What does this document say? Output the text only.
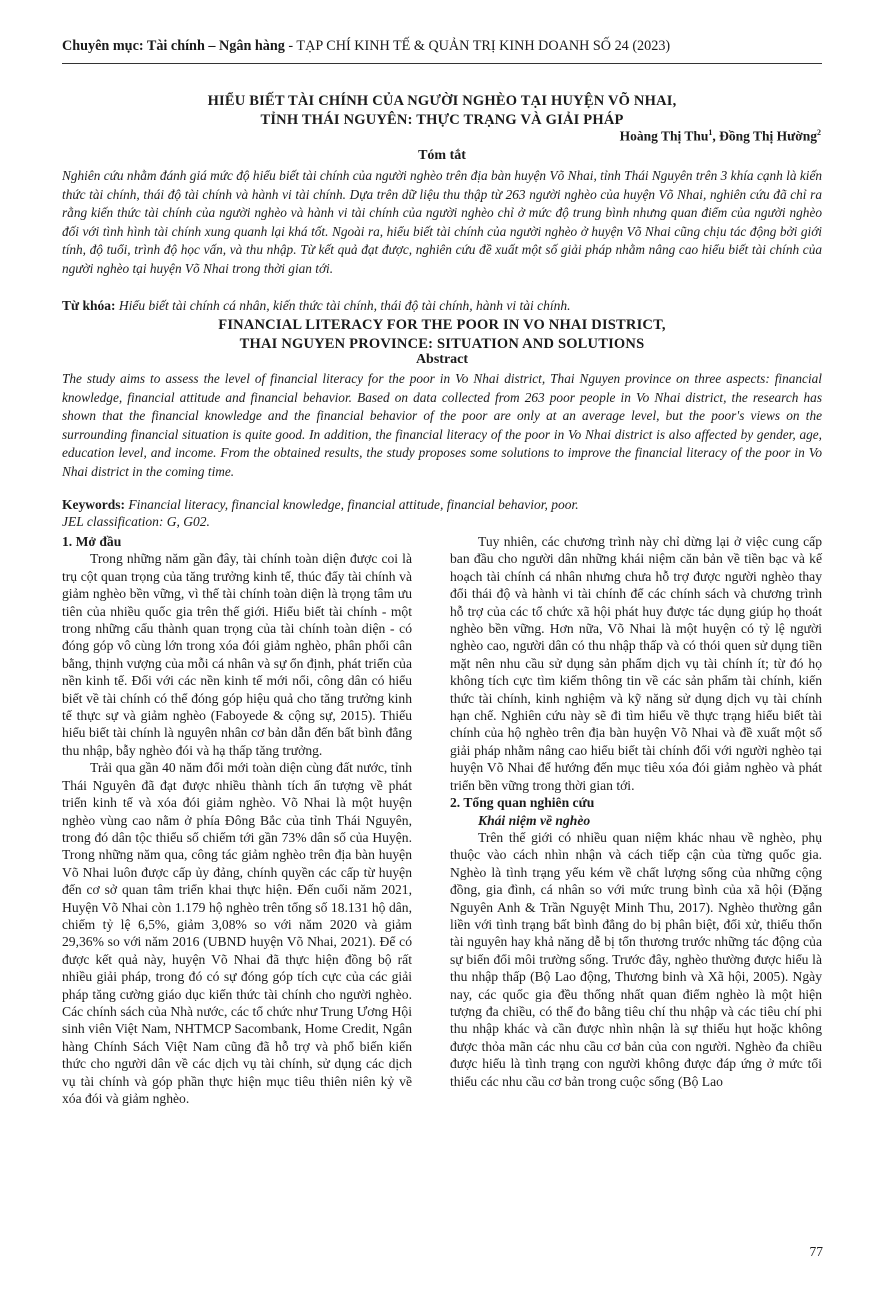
Chuyên mục: Tài chính – Ngân hàng - TẠP CHÍ KINH TẾ & QUẢN TRỊ KINH DOANH SỐ 24 (2023)
HIỂU BIẾT TÀI CHÍNH CỦA NGƯỜI NGHÈO TẠI HUYỆN VÕ NHAI,
TỈNH THÁI NGUYÊN: THỰC TRẠNG VÀ GIẢI PHÁP
Hoàng Thị Thu$^1$, Đồng Thị Hường$^2$
Tóm tắt
Nghiên cứu nhằm đánh giá mức độ hiểu biết tài chính của người nghèo trên địa bàn huyện Võ Nhai, tỉnh Thái Nguyên trên 3 khía cạnh là kiến thức tài chính, thái độ tài chính và hành vi tài chính. Dựa trên dữ liệu thu thập từ 263 người nghèo của huyện Võ Nhai, nghiên cứu đã chỉ ra rằng kiến thức tài chính của người nghèo và hành vi tài chính của người nghèo chỉ ở mức độ trung bình nhưng quan điểm của người nghèo đối với tình hình tài chính xung quanh lại khá tốt. Ngoài ra, hiểu biết tài chính của người nghèo ở huyện Võ Nhai cũng chịu tác động bởi giới tính, độ tuổi, trình độ học vấn, và thu nhập. Từ kết quả đạt được, nghiên cứu đề xuất một số giải pháp nhằm nâng cao hiểu biết tài chính của người nghèo tại huyện Võ Nhai trong thời gian tới.
Từ khóa: Hiểu biết tài chính cá nhân, kiến thức tài chính, thái độ tài chính, hành vi tài chính.
FINANCIAL LITERACY FOR THE POOR IN VO NHAI DISTRICT,
THAI NGUYEN PROVINCE: SITUATION AND SOLUTIONS
Abstract
The study aims to assess the level of financial literacy for the poor in Vo Nhai district, Thai Nguyen province on three aspects: financial knowledge, financial attitude and financial behavior. Based on data collected from 263 poor people in Vo Nhai district, the research has shown that the financial knowledge and the financial behavior of the poor are only at an average level, but the poor's views on the surrounding financial situation is quite good. In addition, the financial literacy of the poor in Vo Nhai district is also affected by gender, age, education level, and income. From the obtained results, the study proposes some solutions to improve the financial literacy of the poor in Vo Nhai district in the coming time.
Keywords: Financial literacy, financial knowledge, financial attitude, financial behavior, poor.
JEL classification: G, G02.

1. Mở đầu

Trong những năm gần đây, tài chính toàn diện được coi là trụ cột quan trọng của tăng trưởng kinh tế, thúc đẩy tài chính và giảm nghèo bền vững, vì thế tài chính toàn diện là trọng tâm ưu tiên của nhiều quốc gia trên thế giới. Hiểu biết tài chính - một trong những cấu thành quan trọng của tài chính toàn diện - có đóng góp vô cùng lớn trong xóa đói giảm nghèo, phân phối cân bằng, thịnh vượng của mỗi cá nhân và sự ổn định, phát triển của nền kinh tế. Đối với các nền kinh tế mới nổi, công dân có hiểu biết về tài chính có thể đóng góp hiệu quả cho tăng trưởng kinh tế thực sự và giảm nghèo (Faboyede & cộng sự, 2015). Thiếu hiểu biết tài chính là nguyên nhân cơ bản dẫn đến bất bình đẳng thu nhập, bẫy nghèo đói và hạ thấp tăng trưởng.

Trải qua gần 40 năm đổi mới toàn diện cùng đất nước, tỉnh Thái Nguyên đã đạt được nhiều thành tích ấn tượng về phát triển kinh tế và xóa đói giảm nghèo. Võ Nhai là một huyện nghèo vùng cao nằm ở phía Đông Bắc của tỉnh Thái Nguyên, trong đó dân tộc thiểu số chiếm tới gần 73% dân số của Huyện. Trong những năm qua, công tác giảm nghèo trên địa bàn huyện Võ Nhai luôn được cấp ủy đảng, chính quyền các cấp từ huyện đến cơ sở quan tâm triển khai thực hiện. Đến cuối năm 2021, Huyện Võ Nhai còn 1.179 hộ nghèo trên tổng số 18.131 hộ dân, chiếm tỷ lệ 6,5%, giảm 3,08% so với năm 2020 và giảm 29,36% so với năm 2016 (UBND huyện Võ Nhai, 2021). Để có được kết quả này, huyện Võ Nhai đã thực hiện đồng bộ rất nhiều giải pháp, trong đó có sự đóng góp tích cực của các giải pháp tăng cường giáo dục kiến thức tài chính cho người nghèo. Các chính sách của Nhà nước, các tổ chức như Trung Ương Hội sinh viên Việt Nam, NHTMCP Sacombank, Home Credit, Ngân hàng Chính Sách Việt Nam cũng đã hỗ trợ và phổ biến kiến thức cho người dân về các dịch vụ tài chính, sử dụng các dịch vụ tài chính và góp phần thực hiện mục tiêu thiên niên kỷ về xóa đói và giảm nghèo.

Tuy nhiên, các chương trình này chỉ dừng lại ở việc cung cấp ban đầu cho người dân những khái niệm căn bản về tiền bạc và kế hoạch tài chính cá nhân nhưng chưa hỗ trợ được người nghèo thay đổi thái độ và hành vi tài chính để các chính sách và chương trình hỗ trợ của các tổ chức xã hội phát huy được tác dụng giúp họ thoát nghèo bền vững. Hơn nữa, Võ Nhai là một huyện có tỷ lệ người nghèo cao, người dân có thu nhập thấp và có thói quen sử dụng tiền mặt nên nhu cầu sử dụng sản phẩm dịch vụ tài chính ít; từ đó họ không tích cực tìm kiếm thông tin về các sản phẩm tài chính, kiến thức tài chính, kinh nghiệm và kỹ năng sử dụng dịch vụ tài chính hạn chế. Nghiên cứu này sẽ đi tìm hiểu về thực trạng hiểu biết tài chính của hộ nghèo trên địa bàn huyện Võ Nhai và đề xuất một số giải pháp nhằm nâng cao hiểu biết tài chính đối với người nghèo tại huyện Võ Nhai để hướng đến mục tiêu xóa đói giảm nghèo và phát triển bền vững trong thời gian tới.

2. Tổng quan nghiên cứu

Khái niệm về nghèo

Trên thế giới có nhiều quan niệm khác nhau về nghèo, phụ thuộc vào cách nhìn nhận và cách tiếp cận của từng quốc gia. Nghèo là tình trạng yếu kém về chất lượng sống của những cộng đồng, gia đình, cá nhân so với mức trung bình của xã hội (Đặng Nguyên Anh & Trần Nguyệt Minh Thu, 2017). Nghèo thường gắn liền với tình trạng bất bình đẳng do bị phân biệt, đối xử, thiếu thốn tài nguyên hay khả năng dễ bị tổn thương trước những tác động của sự biến đổi môi trường sống. Trước đây, nghèo thường được hiểu là thu nhập thấp (Bộ Lao động, Thương binh và Xã hội, 2005). Ngày nay, các quốc gia đều thống nhất quan điểm nghèo là một hiện tượng đa chiều, có thể đo bằng tiêu chí thu nhập và các tiêu chí phi thu nhập khác và cần được nhìn nhận là sự thiếu hụt hoặc không được thỏa mãn các nhu cầu cơ bản của con người. Nghèo đa chiều được hiểu là tình trạng con người không được đáp ứng ở mức tối thiểu các nhu cầu cơ bản trong cuộc sống (Bộ Lao

77
